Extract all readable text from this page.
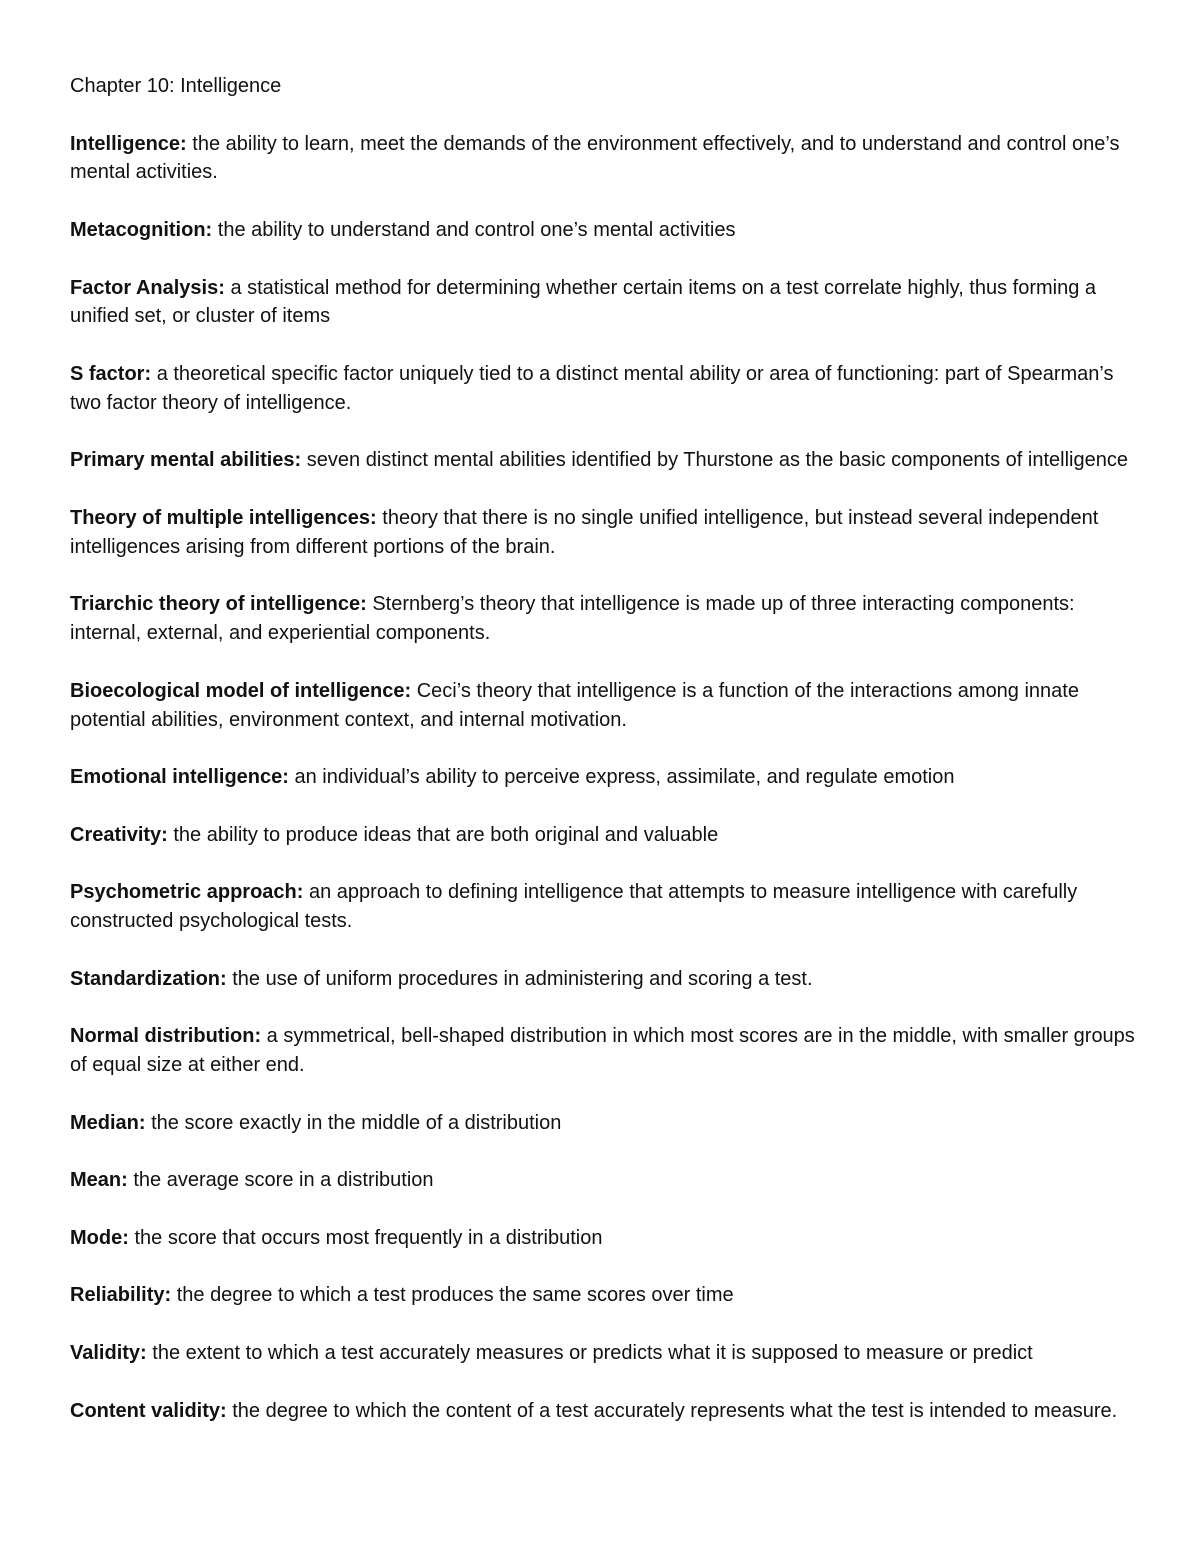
Chapter 10: Intelligence

Intelligence: the ability to learn, meet the demands of the environment effectively, and to understand and control one’s mental activities.

Metacognition: the ability to understand and control one’s mental activities

Factor Analysis: a statistical method for determining whether certain items on a test correlate highly, thus forming a unified set, or cluster of items

S factor: a theoretical specific factor uniquely tied to a distinct mental ability or area of functioning: part of Spearman’s two factor theory of intelligence.

Primary mental abilities: seven distinct mental abilities identified by Thurstone as the basic components of intelligence

Theory of multiple intelligences: theory that there is no single unified intelligence, but instead several independent intelligences arising from different portions of the brain.

Triarchic theory of intelligence: Sternberg’s theory that intelligence is made up of three interacting components: internal, external, and experiential components.

Bioecological model of intelligence: Ceci’s theory that intelligence is a function of the interactions among innate potential abilities, environment context, and internal motivation.

Emotional intelligence: an individual’s ability to perceive express, assimilate, and regulate emotion

Creativity: the ability to produce ideas that are both original and valuable

Psychometric approach: an approach to defining intelligence that attempts to measure intelligence with carefully constructed psychological tests.

Standardization: the use of uniform procedures in administering and scoring a test.

Normal distribution: a symmetrical, bell-shaped distribution in which most scores are in the middle, with smaller groups of equal size at either end.

Median: the score exactly in the middle of a distribution

Mean: the average score in a distribution

Mode: the score that occurs most frequently in a distribution

Reliability: the degree to which a test produces the same scores over time

Validity: the extent to which a test accurately measures or predicts what it is supposed to measure or predict

Content validity: the degree to which the content of a test accurately represents what the test is intended to measure.
